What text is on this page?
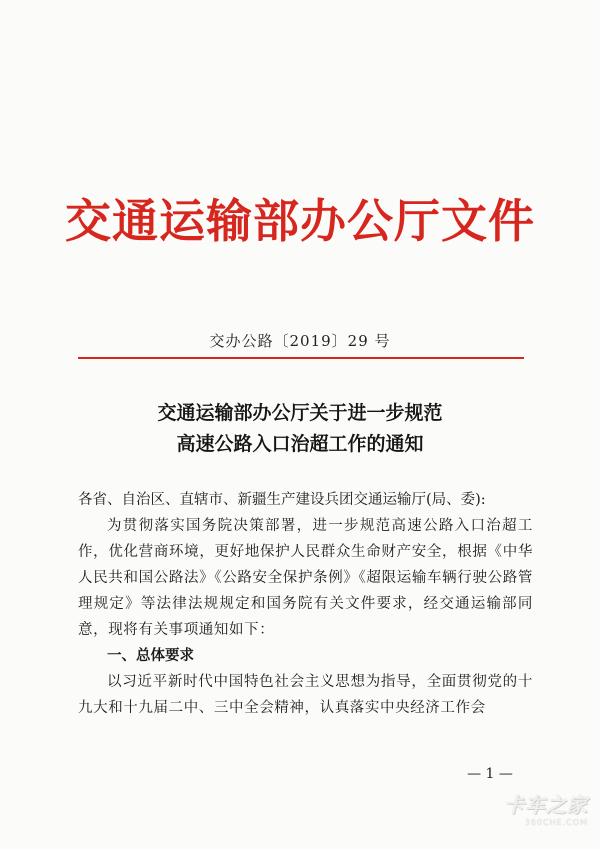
交通运输部办公厅文件
交办公路〔2019〕29 号
交通运输部办公厅关于进一步规范
高速公路入口治超工作的通知

各省、自治区、直辖市、新疆生产建设兵团交通运输厅(局、委):

为贯彻落实国务院决策部署，进一步规范高速公路入口治超工作，优化营商环境，更好地保护人民群众生命财产安全，根据《中华人民共和国公路法》《公路安全保护条例》《超限运输车辆行驶公路管理规定》等法律法规规定和国务院有关文件要求，经交通运输部同意，现将有关事项通知如下：

一、总体要求

以习近平新时代中国特色社会主义思想为指导，全面贯彻党的十九大和十九届二中、三中全会精神，认真落实中央经济工作会

— 1 —
卡车之家
360CHE.COM
